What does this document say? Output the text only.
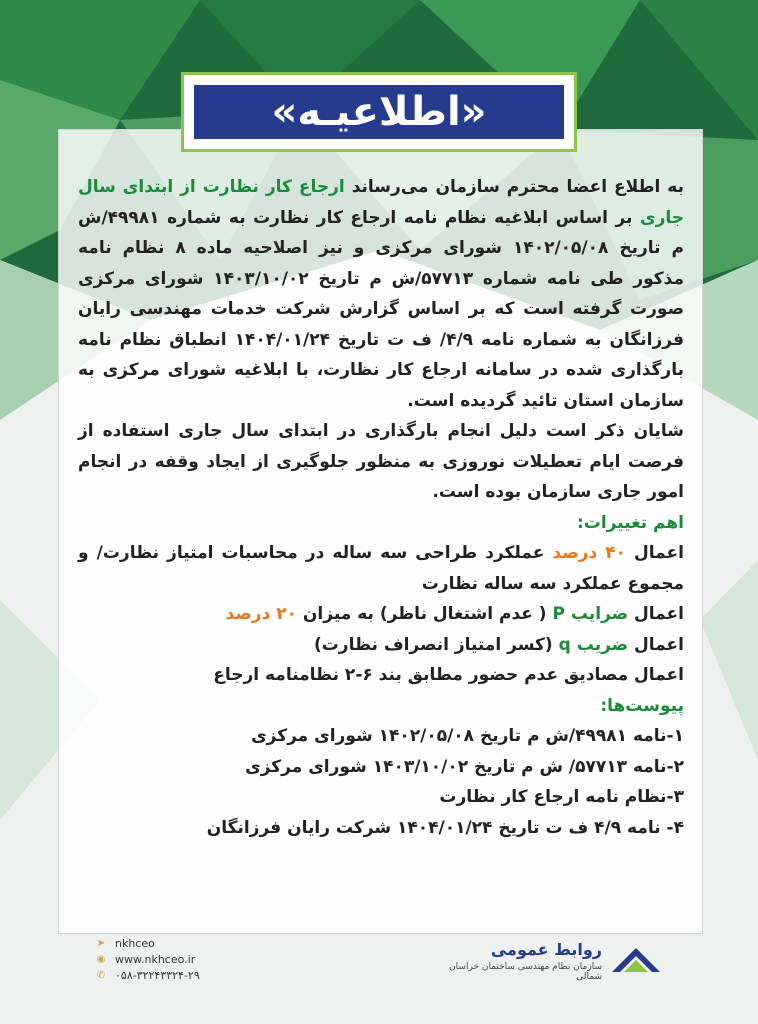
«اطلاعیـه»

به اطلاع اعضا محترم سازمان می‌رساند ارجاع کار نظارت از ابتدای سال جاری بر اساس ابلاغیه نظام نامه ارجاع کار نظارت به شماره ۴۹۹۸۱/ش م تاریخ ۱۴۰۲/۰۵/۰۸ شورای مرکزی و نیز اصلاحیه ماده ۸ نظام نامه مذکور طی نامه شماره ۵۷۷۱۳/ش م تاریخ ۱۴۰۳/۱۰/۰۲ شورای مرکزی صورت گرفته است که بر اساس گزارش شرکت خدمات مهندسی رایان فرزانگان به شماره نامه ۴/۹/ ف ت تاریخ ۱۴۰۴/۰۱/۲۴ انطباق نظام نامه بارگذاری شده در سامانه ارجاع کار نظارت، با ابلاغیه شورای مرکزی به سازمان استان تائید گردیده است.

شایان ذکر است دلیل انجام بارگذاری در ابتدای سال جاری استفاده از فرصت ایام تعطیلات نوروزی به منظور جلوگیری از ایجاد وقفه در انجام امور جاری سازمان بوده است.

اهم تغییرات:

اعمال ۴۰ درصد عملکرد طراحی سه ساله در محاسبات امتیاز نظارت/ و مجموع عملکرد سه ساله نظارت

اعمال ضرایب P ( عدم اشتغال ناظر) به میزان ۲۰ درصد

اعمال ضریب q (کسر امتیاز انصراف نظارت)

اعمال مصادیق عدم حضور مطابق بند ۶-۲ نظامنامه ارجاع

پیوست‌ها:

۱-نامه ۴۹۹۸۱/ش م تاریخ ۱۴۰۲/۰۵/۰۸ شورای مرکزی

۲-نامه ۵۷۷۱۳/ ش م تاریخ ۱۴۰۳/۱۰/۰۲ شورای مرکزی

۳-نظام نامه ارجاع کار نظارت

۴- نامه ۴/۹ ف ت تاریخ ۱۴۰۴/۰۱/۲۴ شرکت رایان فرزانگان

➤ nkhceo
◉ www.nkhceo.ir
✆ ۰۵۸-۳۲۲۴۳۳۲۴-۲۹
روابط عمومی
سازمان نظام مهندسی ساختمان خراسان شمالی
